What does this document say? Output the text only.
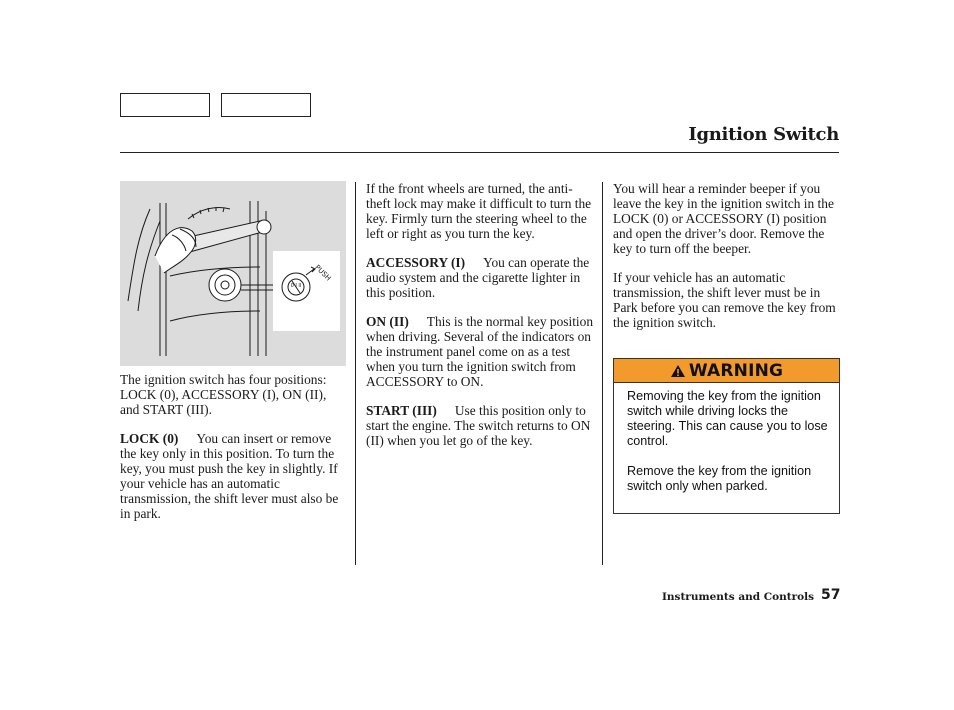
Ignition Switch
0 I II
PUSH

The ignition switch has four positions: LOCK (0), ACCESSORY (I), ON (II), and START (III).

LOCK (0) You can insert or remove the key only in this position. To turn the key, you must push the key in slightly. If your vehicle has an automatic transmission, the shift lever must also be in park.

If the front wheels are turned, the anti-theft lock may make it difficult to turn the key. Firmly turn the steering wheel to the left or right as you turn the key.

ACCESSORY (I) You can operate the audio system and the cigarette lighter in this position.

ON (II) This is the normal key position when driving. Several of the indicators on the instrument panel come on as a test when you turn the ignition switch from ACCESSORY to ON.

START (III) Use this position only to start the engine. The switch returns to ON (II) when you let go of the key.

You will hear a reminder beeper if you leave the key in the ignition switch in the LOCK (0) or ACCESSORY (I) position and open the driver’s door. Remove the key to turn off the beeper.

If your vehicle has an automatic transmission, the shift lever must be in Park before you can remove the key from the ignition switch.

WARNING

Removing the key from the ignition switch while driving locks the steering. This can cause you to lose control.

Remove the key from the ignition switch only when parked.

Instruments and Controls 57
